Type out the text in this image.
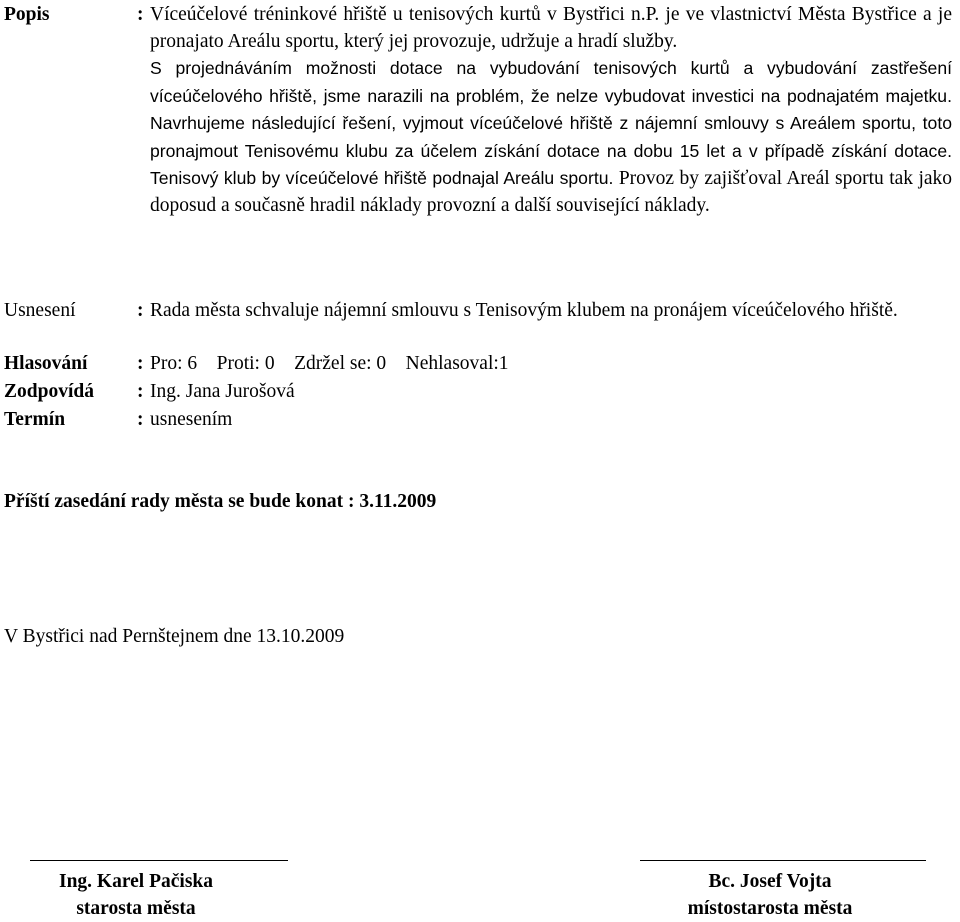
Popis	: Víceúčelové tréninkové hřiště u tenisových kurtů v Bystřici n.P. je ve vlastnictví Města Bystřice a je pronajato Areálu sportu, který jej provozuje, udržuje a hradí služby.

S projednáváním možnosti dotace na vybudování tenisových kurtů a vybudování zastřešení víceúčelového hřiště, jsme narazili na problém, že nelze vybudovat investici na podnajatém majetku. Navrhujeme následující řešení, vyjmout víceúčelové hřiště z nájemní smlouvy s Areálem sportu, toto pronajmout Tenisovému klubu za účelem získání dotace na dobu 15 let a v případě získání dotace. Tenisový klub by víceúčelové hřiště podnajal Areálu sportu. Provoz by zajišťoval Areál sportu tak jako doposud a současně hradil náklady provozní a další související náklady.

Usnesení	: Rada města schvaluje nájemní smlouvu s Tenisovým klubem na pronájem víceúčelového hřiště.
Hlasování	: Pro: 6    Proti: 0    Zdržel se: 0    Nehlasoval:1
Zodpovídá	: Ing. Jana Jurošová
Termín	: usnesením
Příští zasedání rady města se bude konat : 3.11.2009
V Bystřici nad Pernštejnem dne 13.10.2009
Ing. Karel Pačiska
starosta města
Bc. Josef Vojta
místostarosta města
